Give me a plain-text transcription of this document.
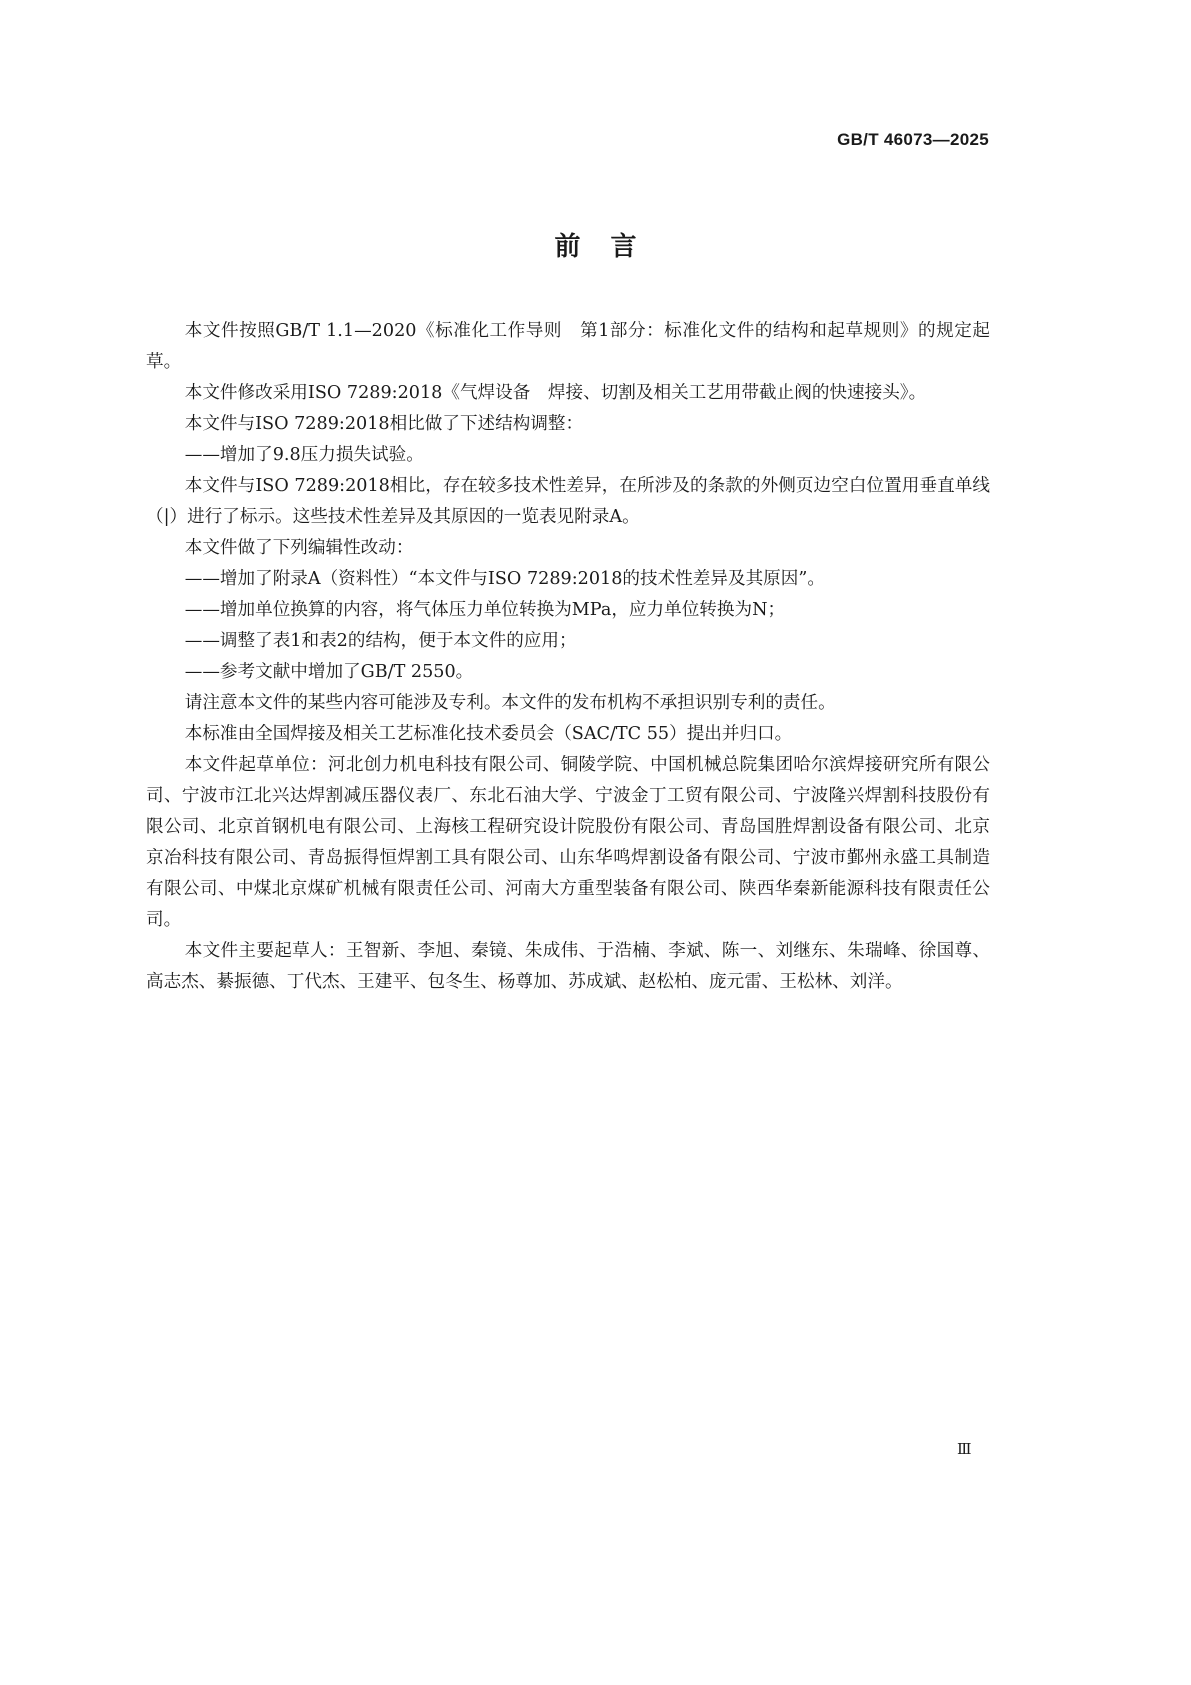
GB/T 46073—2025
前言

本文件按照GB/T 1.1—2020《标准化工作导则　第1部分：标准化文件的结构和起草规则》的规定起草。

本文件修改采用ISO 7289:2018《气焊设备　焊接、切割及相关工艺用带截止阀的快速接头》。

本文件与ISO 7289:2018相比做了下述结构调整：

——增加了9.8压力损失试验。

本文件与ISO 7289:2018相比，存在较多技术性差异，在所涉及的条款的外侧页边空白位置用垂直单线（|）进行了标示。这些技术性差异及其原因的一览表见附录A。

本文件做了下列编辑性改动：

——增加了附录A（资料性）“本文件与ISO 7289:2018的技术性差异及其原因”。

——增加单位换算的内容，将气体压力单位转换为MPa，应力单位转换为N；

——调整了表1和表2的结构，便于本文件的应用；

——参考文献中增加了GB/T 2550。

请注意本文件的某些内容可能涉及专利。本文件的发布机构不承担识别专利的责任。

本标准由全国焊接及相关工艺标准化技术委员会（SAC/TC 55）提出并归口。

本文件起草单位：河北创力机电科技有限公司、铜陵学院、中国机械总院集团哈尔滨焊接研究所有限公司、宁波市江北兴达焊割减压器仪表厂、东北石油大学、宁波金丁工贸有限公司、宁波隆兴焊割科技股份有限公司、北京首钢机电有限公司、上海核工程研究设计院股份有限公司、青岛国胜焊割设备有限公司、北京京冶科技有限公司、青岛振得恒焊割工具有限公司、山东华鸣焊割设备有限公司、宁波市鄞州永盛工具制造有限公司、中煤北京煤矿机械有限责任公司、河南大方重型装备有限公司、陕西华秦新能源科技有限责任公司。

本文件主要起草人：王智新、李旭、秦镜、朱成伟、于浩楠、李斌、陈一、刘继东、朱瑞峰、徐国尊、高志杰、綦振德、丁代杰、王建平、包冬生、杨尊加、苏成斌、赵松柏、庞元雷、王松林、刘洋。

Ⅲ
